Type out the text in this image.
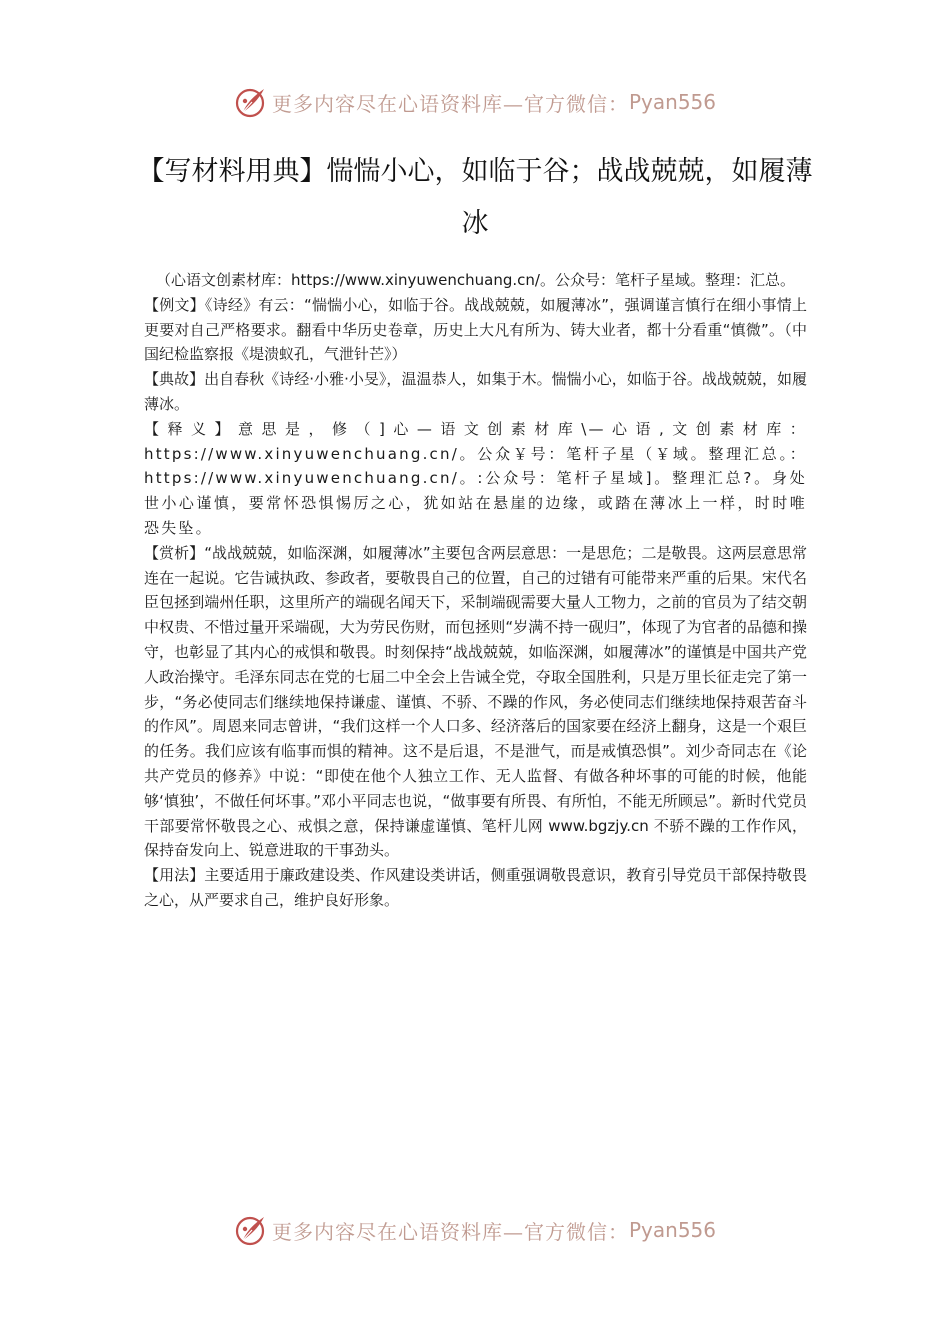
更多内容尽在心语资料库—官方微信： Pyan556
【写材料用典】惴惴小心，如临于谷；战战兢兢，如履薄冰

（心语文创素材库：https://www.xinyuwenchuang.cn/。公众号：笔杆子星域。整理：汇总。

【例文】《诗经》有云：“惴惴小心，如临于谷。战战兢兢，如履薄冰”，强调谨言慎行在细小事情上更要对自己严格要求。翻看中华历史卷章，历史上大凡有所为、铸大业者，都十分看重“慎微”。（中国纪检监察报《堤溃蚁孔，气泄针芒》）

【典故】出自春秋《诗经·小雅·小旻》，温温恭人，如集于木。惴惴小心，如临于谷。战战兢兢，如履薄冰。

【释义】意思是，修（]心—语文创素材库\—心语,文创素材库：https://www.xinyuwenchuang.cn/。公众￥号：笔杆子星（￥域。整理汇总。：https://www.xinyuwenchuang.cn/。:公众号：笔杆子星域]。整理汇总?。身处世小心谨慎，要常怀恐惧惕厉之心，犹如站在悬崖的边缘，或踏在薄冰上一样，时时唯恐失坠。

【赏析】“战战兢兢，如临深渊，如履薄冰”主要包含两层意思：一是思危；二是敬畏。这两层意思常连在一起说。它告诫执政、参政者，要敬畏自己的位置，自己的过错有可能带来严重的后果。宋代名臣包拯到端州任职，这里所产的端砚名闻天下，采制端砚需要大量人工物力，之前的官员为了结交朝中权贵、不惜过量开采端砚，大为劳民伤财，而包拯则“岁满不持一砚归”，体现了为官者的品德和操守，也彰显了其内心的戒惧和敬畏。时刻保持“战战兢兢，如临深渊，如履薄冰”的谨慎是中国共产党人政治操守。毛泽东同志在党的七届二中全会上告诫全党，夺取全国胜利，只是万里长征走完了第一步，“务必使同志们继续地保持谦虚、谨慎、不骄、不躁的作风，务必使同志们继续地保持艰苦奋斗的作风”。周恩来同志曾讲，“我们这样一个人口多、经济落后的国家要在经济上翻身，这是一个艰巨的任务。我们应该有临事而惧的精神。这不是后退，不是泄气，而是戒慎恐惧”。刘少奇同志在《论共产党员的修养》中说：“即使在他个人独立工作、无人监督、有做各种坏事的可能的时候，他能够‘慎独’，不做任何坏事。”邓小平同志也说，“做事要有所畏、有所怕，不能无所顾忌”。新时代党员干部要常怀敬畏之心、戒惧之意，保持谦虚谨慎、笔杆儿网 www.bgzjy.cn 不骄不躁的工作作风，保持奋发向上、锐意进取的干事劲头。

【用法】主要适用于廉政建设类、作风建设类讲话，侧重强调敬畏意识，教育引导党员干部保持敬畏之心，从严要求自己，维护良好形象。

更多内容尽在心语资料库—官方微信： Pyan556
